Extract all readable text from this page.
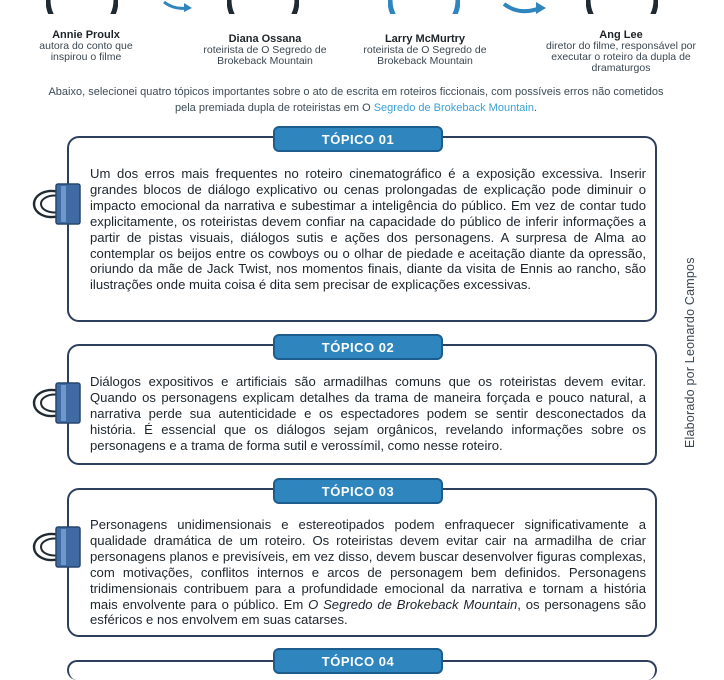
Annie Proulx
autora do conto que inspirou o filme
Diana Ossana
roteirista de O Segredo de Brokeback Mountain
Larry McMurtry
roteirista de O Segredo de Brokeback Mountain
Ang Lee
diretor do filme, responsável por executar o roteiro da dupla de dramaturgos
Abaixo, selecionei quatro tópicos importantes sobre o ato de escrita em roteiros ficcionais, com possíveis erros não cometidos pela premiada dupla de roteiristas em O Segredo de Brokeback Mountain.
Elaborado por Leonardo Campos
Um dos erros mais frequentes no roteiro cinematográfico é a exposição excessiva. Inserir grandes blocos de diálogo explicativo ou cenas prolongadas de explicação pode diminuir o impacto emocional da narrativa e subestimar a inteligência do público. Em vez de contar tudo explicitamente, os roteiristas devem confiar na capacidade do público de inferir informações a partir de pistas visuais, diálogos sutis e ações dos personagens. A surpresa de Alma ao contemplar os beijos entre os cowboys ou o olhar de piedade e aceitação diante da opressão, oriundo da mãe de Jack Twist, nos momentos finais, diante da visita de Ennis ao rancho, são ilustrações onde muita coisa é dita sem precisar de explicações excessivas.
TÓPICO 01
Diálogos expositivos e artificiais são armadilhas comuns que os roteiristas devem evitar. Quando os personagens explicam detalhes da trama de maneira forçada e pouco natural, a narrativa perde sua autenticidade e os espectadores podem se sentir desconectados da história. É essencial que os diálogos sejam orgânicos, revelando informações sobre os personagens e a trama de forma sutil e verossímil, como nesse roteiro.
TÓPICO 02
Personagens unidimensionais e estereotipados podem enfraquecer significativamente a qualidade dramática de um roteiro. Os roteiristas devem evitar cair na armadilha de criar personagens planos e previsíveis, em vez disso, devem buscar desenvolver figuras complexas, com motivações, conflitos internos e arcos de personagem bem definidos. Personagens tridimensionais contribuem para a profundidade emocional da narrativa e tornam a história mais envolvente para o público. Em O Segredo de Brokeback Mountain, os personagens são esféricos e nos envolvem em suas catarses.
TÓPICO 03
TÓPICO 04
